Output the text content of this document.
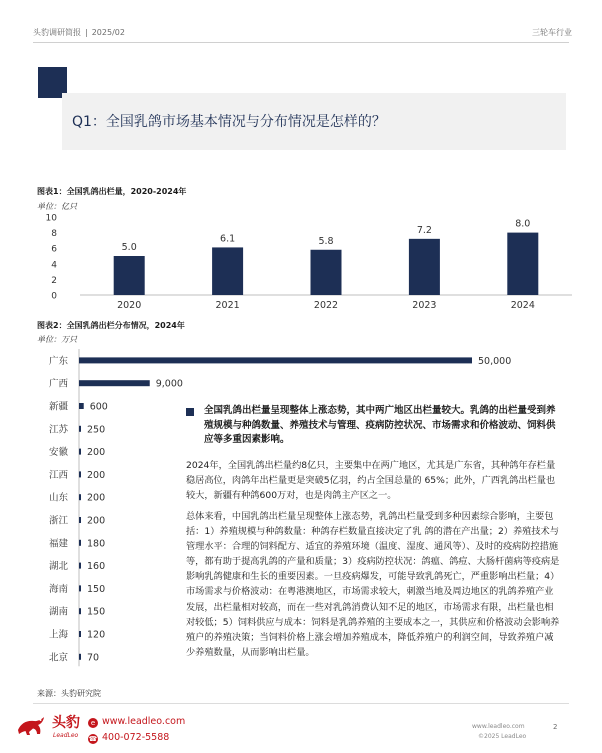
头豹调研简报 | 2025/02	三轮车行业
Q1：全国乳鸽市场基本情况与分布情况是怎样的？
图表1：全国乳鸽出栏量，2020-2024年
单位：亿只
0
2
4
6
8
10
5.0
2020
6.1
2021
5.8
2022
7.2
2023
8.0
2024
图表2：全国乳鸽出栏分布情况，2024年
单位：万只
广东	50,000
广西	9,000
新疆 600
江苏 250
安徽 200
江西 200
山东 200
浙江 200
福建 180
湖北 160
海南 150
湖南 150
上海 120
北京 70
全国乳鸽出栏量呈现整体上涨态势，其中两广地区出栏量较大。乳鸽的出栏量受到养殖规模与种鸽数量、养殖技术与管理、疫病防控状况、市场需求和价格波动、饲料供应等多重因素影响。
2024年，全国乳鸽出栏量约8亿只，主要集中在两广地区，尤其是广东省，其种鸽年存栏量稳居高位，肉鸽年出栏量更是突破5亿羽，约占全国总量的 65%；此外，广西乳鸽出栏量也较大，新疆有种鸽600万对，也是肉鸽主产区之一。
总体来看，中国乳鸽出栏量呈现整体上涨态势，乳鸽出栏量受到多种因素综合影响，主要包括：1）养殖规模与种鸽数量：种鸽存栏数量直接决定了乳 鸽的潜在产出量；2）养殖技术与管理水平：合理的饲料配方、适宜的养殖环境（温度、湿度、通风等）、及时的疫病防控措施等，都有助于提高乳鸽的产量和质量；3）疫病防控状况：鸽瘟、鸽痘、大肠杆菌病等疫病是影响乳鸽健康和生长的重要因素。一旦疫病爆发，可能导致乳鸽死亡，严重影响出栏量；4）市场需求与价格波动：在粤港澳地区，市场需求较大，刺激当地及周边地区的乳鸽养殖产业发展，出栏量相对较高，而在一些对乳鸽消费认知不足的地区，市场需求有限，出栏量也相对较低；5）饲料供应与成本：饲料是乳鸽养殖的主要成本之一，其供应和价格波动会影响养殖户的养殖决策；当饲料价格上涨会增加养殖成本，降低养殖户的利润空间，导致养殖户减少养殖数量，从而影响出栏量。
来源：头豹研究院
头豹
LeadLeo
e www.leadleo.com
☎ 400-072-5588
www.leadleo.com
©2025 LeadLeo
2
